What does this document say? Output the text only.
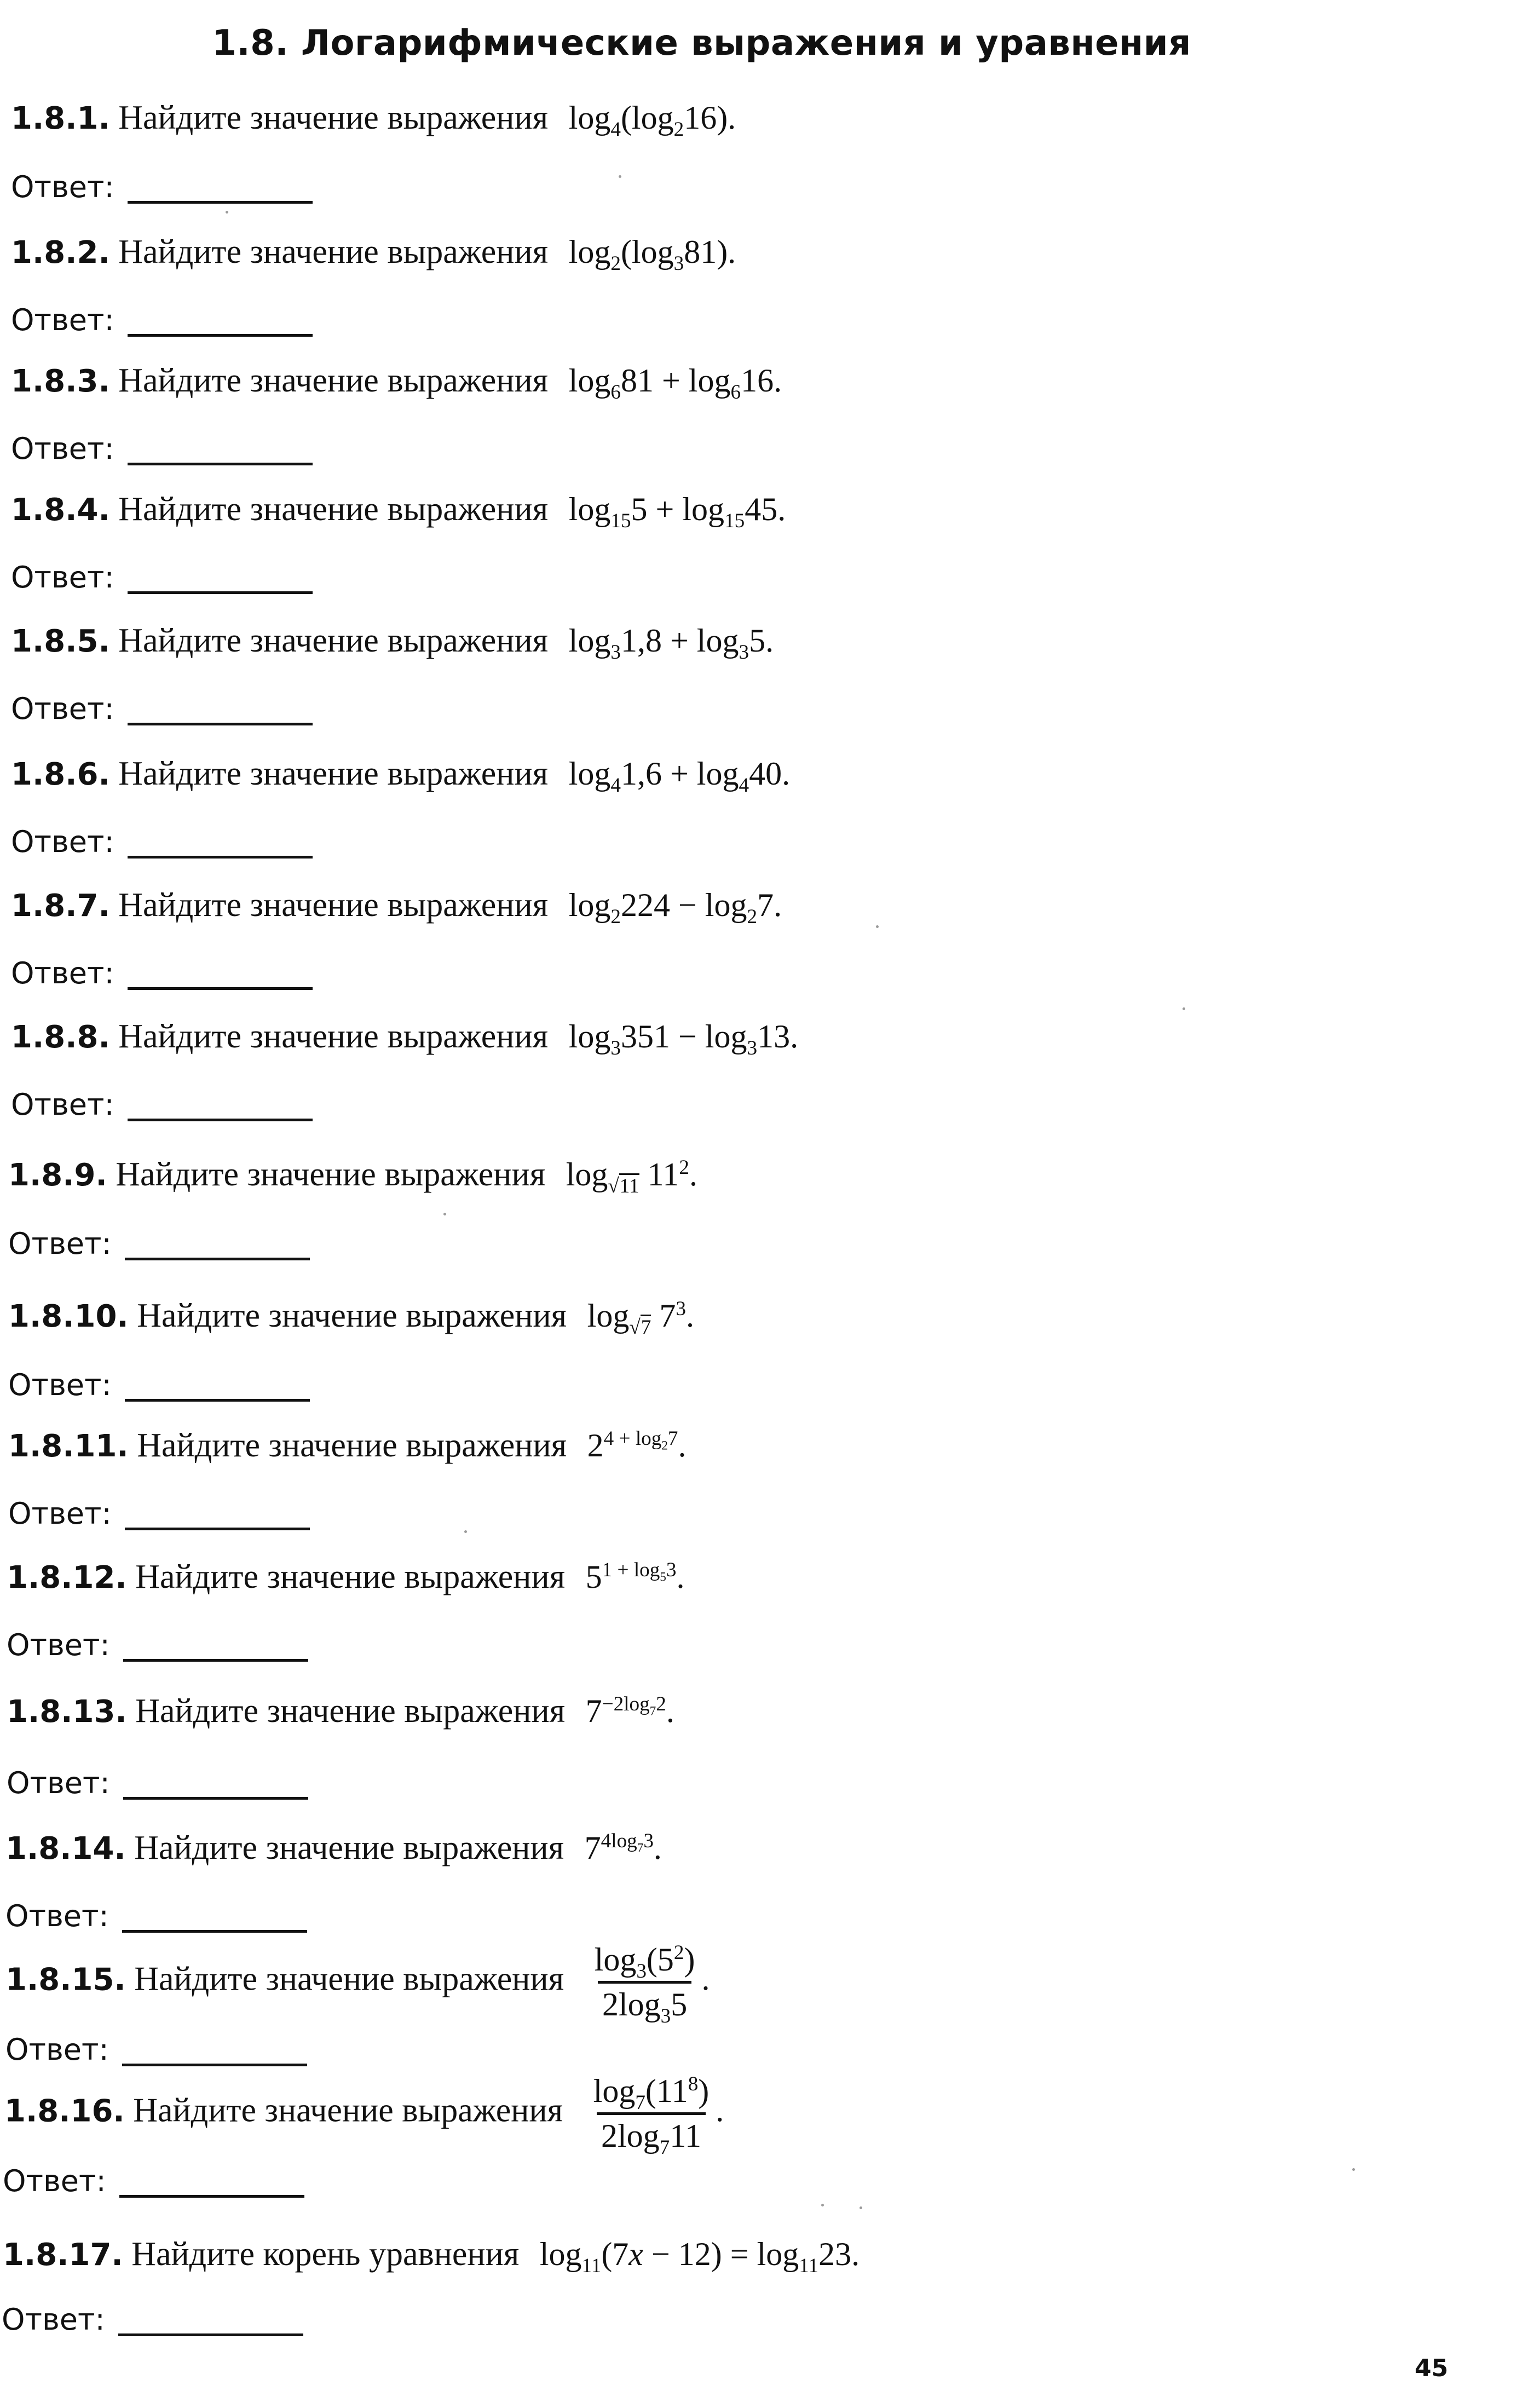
1.8. Логарифмические выражения и уравнения
1.8.1. Найдите значение выражения $\log_4(\log_216)$.
Ответ:
1.8.2. Найдите значение выражения $\log_2(\log_381)$.
Ответ:
1.8.3. Найдите значение выражения $\log_681 + \log_616$.
Ответ:
1.8.4. Найдите значение выражения $\log_{15}5 + \log_{15}45$.
Ответ:
1.8.5. Найдите значение выражения $\log_31,8 + \log_35$.
Ответ:
1.8.6. Найдите значение выражения $\log_41,6 + \log_440$.
Ответ:
1.8.7. Найдите значение выражения $\log_2224 - \log_27$.
Ответ:
1.8.8. Найдите значение выражения $\log_3351 - \log_313$.
Ответ:
1.8.9. Найдите значение выражения $\log_{√11} 11^2$.
Ответ:
1.8.10. Найдите значение выражения $\log_{√7} 7^3$.
Ответ:
1.8.11. Найдите значение выражения $2^{4 + log_27}$.
Ответ:
1.8.12. Найдите значение выражения $5^{1 + log_53}$.
Ответ:
1.8.13. Найдите значение выражения $7^{-2log_72}$.
Ответ:
1.8.14. Найдите значение выражения $7^{4log_73}$.
Ответ:
1.8.15. Найдите значение выражения $\frac{\log_3(5^2)}{2\log_35}$ .
Ответ:
1.8.16. Найдите значение выражения $\frac{\log_7(11^8)}{2\log_711}$ .
Ответ:
1.8.17. Найдите корень уравнения $\log_{11}(7x - 12) = \log_{11}23$.
Ответ:
45
